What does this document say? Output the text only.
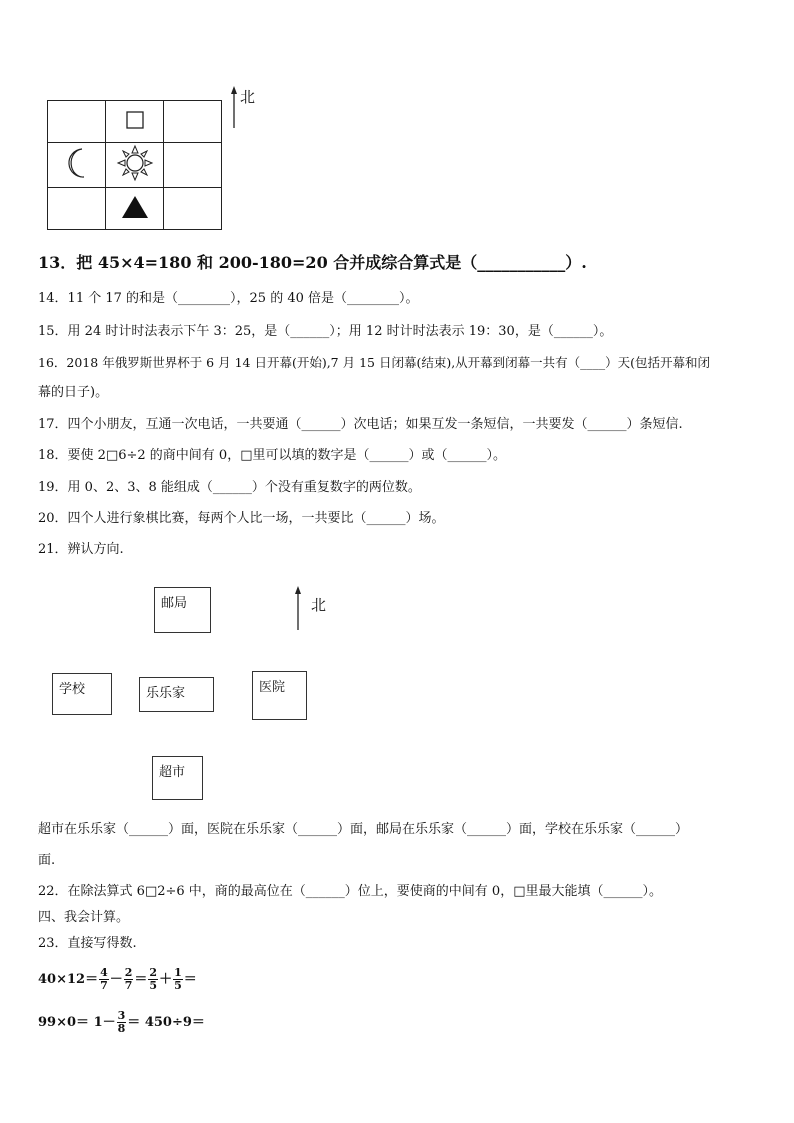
北
13．把 45×4=180 和 200-180=20 合并成综合算式是（___________）.
14．11 个 17 的和是（________），25 的 40 倍是（________）。
15．用 24 时计时法表示下午 3：25，是（______）；用 12 时计时法表示 19：30，是（______）。
16．2018 年俄罗斯世界杯于 6 月 14 日开幕(开始),7 月 15 日闭幕(结束),从开幕到闭幕一共有（____）天(包括开幕和闭
幕的日子)。
17．四个小朋友，互通一次电话，一共要通（______）次电话；如果互发一条短信，一共要发（______）条短信.
18．要使 2□6÷2 的商中间有 0，□里可以填的数字是（______）或（______）。
19．用 0、2、3、8 能组成（______）个没有重复数字的两位数。
20．四个人进行象棋比赛，每两个人比一场，一共要比（______）场。
21．辨认方向.
邮局	北
学校	乐乐家	医院
超市
超市在乐乐家（______）面，医院在乐乐家（______）面，邮局在乐乐家（______）面，学校在乐乐家（______）
面.
22．在除法算式 6□2÷6 中，商的最高位在（______）位上，要使商的中间有 0，□里最大能填（______）。
四、我会计算。
23．直接写得数.
$40\times 12= \frac{4}{7} - \frac{2}{7} = \frac{2}{5} + \frac{1}{5}$ ＝
$99\times 0= 1- \frac{3}{8} = 450\div 9=$
